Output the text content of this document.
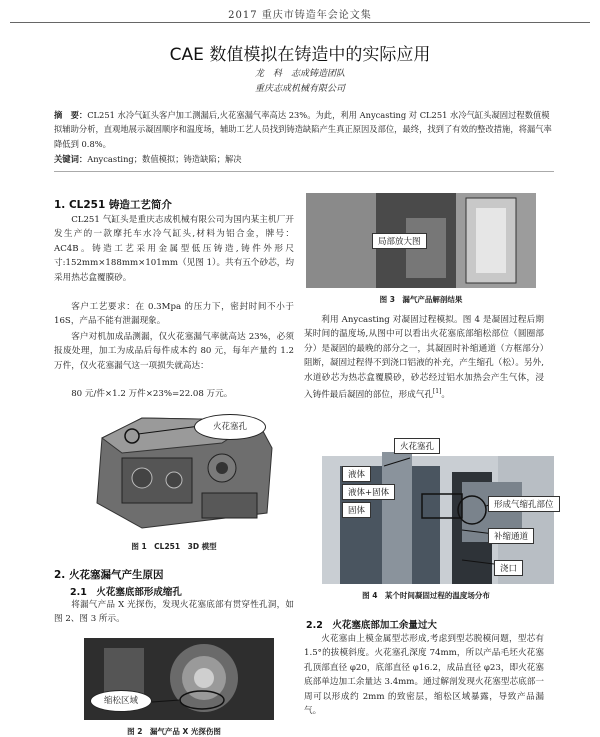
2017 重庆市铸造年会论文集
CAE 数值模拟在铸造中的实际应用
龙　科　志成铸造团队
重庆志成机械有限公司
摘　要：CL251 水冷气缸头客户加工测漏后,火花塞漏气率高达 23%。为此，利用 Anycasting 对 CL251 水冷气缸头凝固过程数值模拟辅助分析，直观地展示凝固顺序和温度场，辅助工艺人员找到铸造缺陷产生真正原因及部位，最终，找到了有效的整改措施，将漏气率降低到 0.8%。
关键词：Anycasting；数值模拟；铸造缺陷；解决
1. CL251 铸造工艺简介
CL251 气缸头是重庆志成机械有限公司为国内某主机厂开发生产的一款摩托车水冷气缸头,材料为铝合金，牌号：AC4B。铸造工艺采用金属型低压铸造,铸件外形尺寸:152mm×188mm×101mm（见图 1）。共有五个砂芯，均采用热芯盒覆膜砂。
客户工艺要求：在 0.3Mpa 的压力下，密封时间不小于 16S，产品不能有泄漏现象。
客户对机加成品测漏，仅火花塞漏气率就高达 23%，必须报废处理，加工为成品后每件成本约 80 元，每年产量约 1.2 万件，仅火花塞漏气这一项损失就高达：
80 元/件×1.2 万件×23%=22.08 万元。
火花塞孔
图 1　CL251　3D 模型
2. 火花塞漏气产生原因
2.1　火花塞底部形成缩孔
将漏气产品 X 光探伤，发现火花塞底部有贯穿性孔洞，如图 2、图 3 所示。
缩松区域
图 2　漏气产品 X 光探伤图
局部放大图
图 3　漏气产品解剖结果
利用 Anycasting 对凝固过程模拟。图 4 是凝固过程后期某时间的温度场,从图中可以看出火花塞底部缩松部位（圆圈部分）是凝固的最晚的部分之一，其凝固时补缩通道（方框部分）阻断，凝固过程得不到浇口铝液的补充，产生缩孔（松）。另外, 水道砂芯为热芯盒覆膜砂，砂芯经过铝水加热会产生气体，浸入铸件最后凝固的部位，形成气孔[1]。
火花塞孔
液体
液体+固体
固体
形成气缩孔部位
补缩通道
浇口
图 4　某个时间凝固过程的温度场分布
2.2　火花塞底部加工余量过大
火花塞由上模金属型芯形成,考虑到型芯脱模问题，型芯有 1.5°的拔模斜度。火花塞孔深度 74mm，所以产品毛坯火花塞孔顶部直径 φ20，底部直径 φ16.2，成品直径 φ23，即火花塞底部单边加工余量达 3.4mm。通过解剖发现火花塞型芯底部一周可以形成约 2mm 的致密层，缩松区域暴露，导致产品漏气。
